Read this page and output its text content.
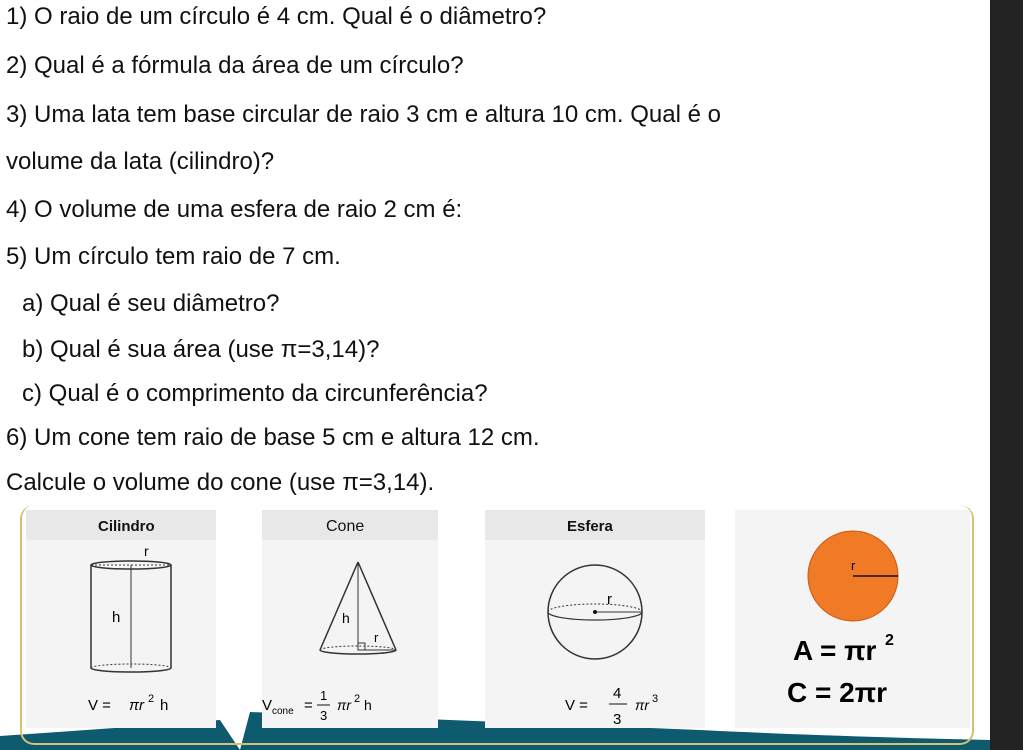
1) O raio de um círculo é 4 cm. Qual é o diâmetro?
2) Qual é a fórmula da área de um círculo?
3) Uma lata tem base circular de raio 3 cm e altura 10 cm. Qual é o
volume da lata (cilindro)?
4) O volume de uma esfera de raio 2 cm é:
5) Um círculo tem raio de 7 cm.
a) Qual é seu diâmetro?
b) Qual é sua área (use π=3,14)?
c) Qual é o comprimento da circunferência?
6) Um cone tem raio de base 5 cm e altura 12 cm.
Calcule o volume do cone (use π=3,14).
Cilindro
r
h
V = πr 2 h
Cone
h
r
V cone =
1
3
πr 2 h
Esfera
r
V =
4
3
πr 3
r
A = πr 2
C = 2πr
